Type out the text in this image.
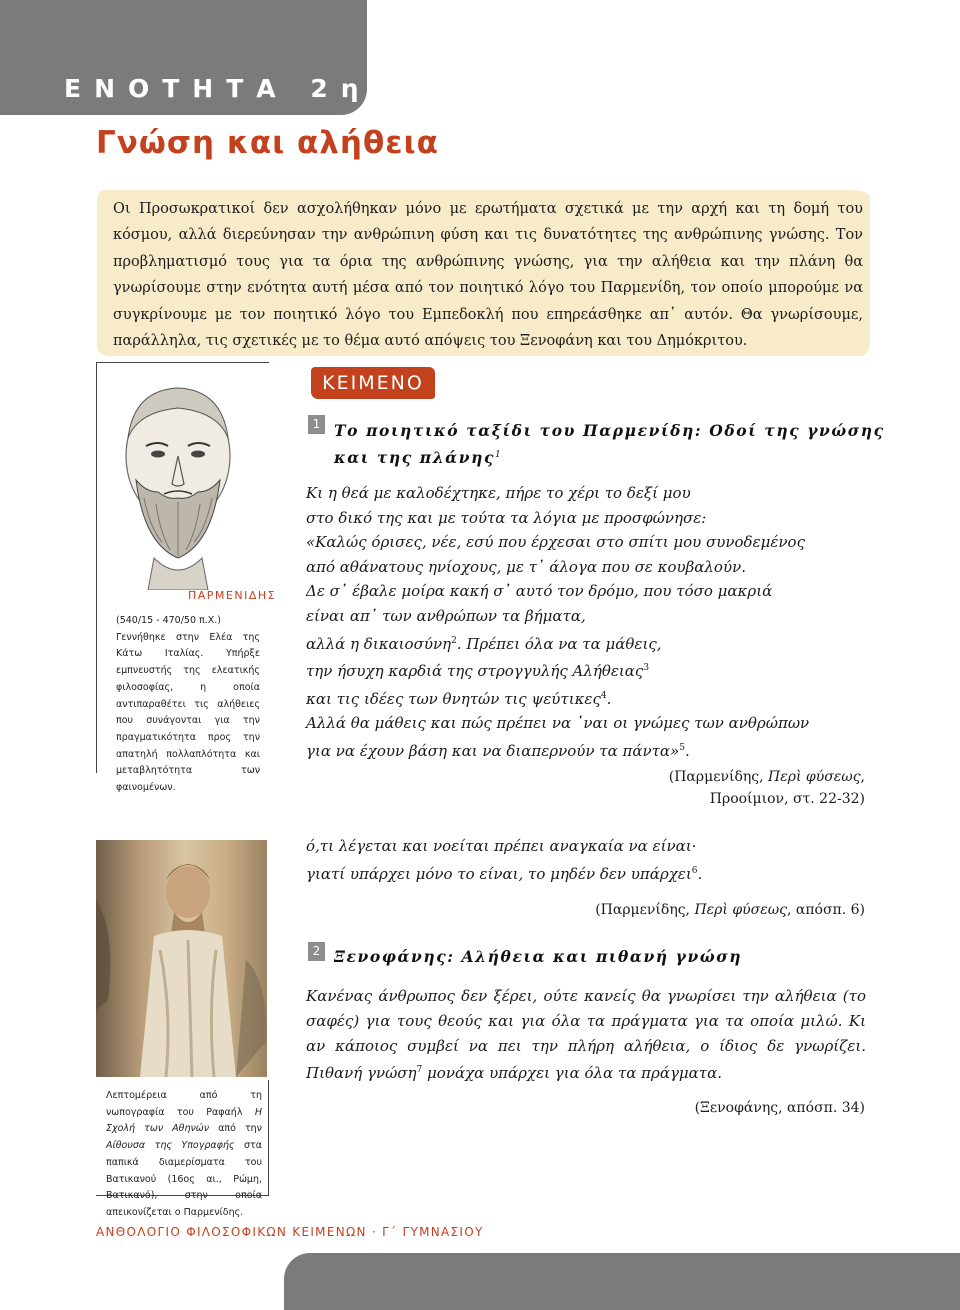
ΕΝΟΤΗΤΑ 2η
Γνώση και αλήθεια

Οι Προσωκρατικοί δεν ασχολήθηκαν μόνο με ερωτήματα σχετικά με την αρχή και τη δομή του κόσμου, αλλά διερεύνησαν την ανθρώπινη φύση και τις δυνατότητες της ανθρώπινης γνώσης. Τον προβληματισμό τους για τα όρια της ανθρώπινης γνώσης, για την αλήθεια και την πλάνη θα γνωρίσουμε στην ενότητα αυτή μέσα από τον ποιητικό λόγο του Παρμενίδη, τον οποίο μπορούμε να συγκρίνουμε με τον ποιητικό λόγο του Εμπεδοκλή που επηρεάσθηκε απ᾽ αυτόν. Θα γνωρίσουμε, παράλληλα, τις σχετικές με το θέμα αυτό απόψεις του Ξενοφάνη και του Δημόκριτου.

ΠΑΡΜΕΝΙΔΗΣ
(540/15 - 470/50 π.Χ.)
Γεννήθηκε στην Ελέα της Κάτω Ιταλίας. Υπήρξε εμπνευστής της ελεατικής φιλοσοφίας, η οποία αντιπαραθέτει τις αλήθειες που συνάγονται για την πραγματικότητα προς την απατηλή πολλαπλότητα και μεταβλητότητα των φαινομένων.
Λεπτομέρεια από τη νωπογραφία του Ραφαήλ Η Σχολή των Αθηνών από την Αίθουσα της Υπογραφής στα παπικά διαμερίσματα του Βατικανού (16ος αι., Ρώμη, Βατικανό), στην οποία απεικονίζεται ο Παρμενίδης.
ΚΕΙΜΕΝΟ
1 Το ποιητικό ταξίδι του Παρμενίδη: Οδοί της γνώσης
και της πλάνης$^1$
Κι η θεά με καλοδέχτηκε, πήρε το χέρι το δεξί μου
στο δικό της και με τούτα τα λόγια με προσφώνησε:
«Καλώς όρισες, νέε, εσύ που έρχεσαι στο σπίτι μου συνοδεμένος
από αθάνατους ηνίοχους, με τ᾽ άλογα που σε κουβαλούν.
Δε σ᾽ έβαλε μοίρα κακή σ᾽ αυτό τον δρόμο, που τόσο μακριά
είναι απ᾽ των ανθρώπων τα βήματα,
αλλά η δικαιοσύνη$^2$. Πρέπει όλα να τα μάθεις,
την ήσυχη καρδιά της στρογγυλής Αλήθειας$^3$
και τις ιδέες των θνητών τις ψεύτικες$^4$.
Αλλά θα μάθεις και πώς πρέπει να ᾽ναι οι γνώμες των ανθρώπων
για να έχουν βάση και να διαπερνούν τα πάντα»$^5$.
(Παρμενίδης, Περὶ φύσεως,
Προοίμιον, στ. 22-32)
ό,τι λέγεται και νοείται πρέπει αναγκαία να είναι·
γιατί υπάρχει μόνο το είναι, το μηδέν δεν υπάρχει$^6$.
(Παρμενίδης, Περὶ φύσεως, απόσπ. 6)
2 Ξενοφάνης: Αλήθεια και πιθανή γνώση

Κανένας άνθρωπος δεν ξέρει, ούτε κανείς θα γνωρίσει την αλήθεια (το σαφές) για τους θεούς και για όλα τα πράγματα για τα οποία μιλώ. Κι αν κάποιος συμβεί να πει την πλήρη αλήθεια, ο ίδιος δε γνωρίζει. Πιθανή γνώση$^7$ μονάχα υπάρχει για όλα τα πράγματα.

(Ξενοφάνης, απόσπ. 34)
ΑΝΘΟΛΟΓΙΟ ΦΙΛΟΣΟΦΙΚΩΝ ΚΕΙΜΕΝΩΝ · Γ΄ ΓΥΜΝΑΣΙΟΥ
